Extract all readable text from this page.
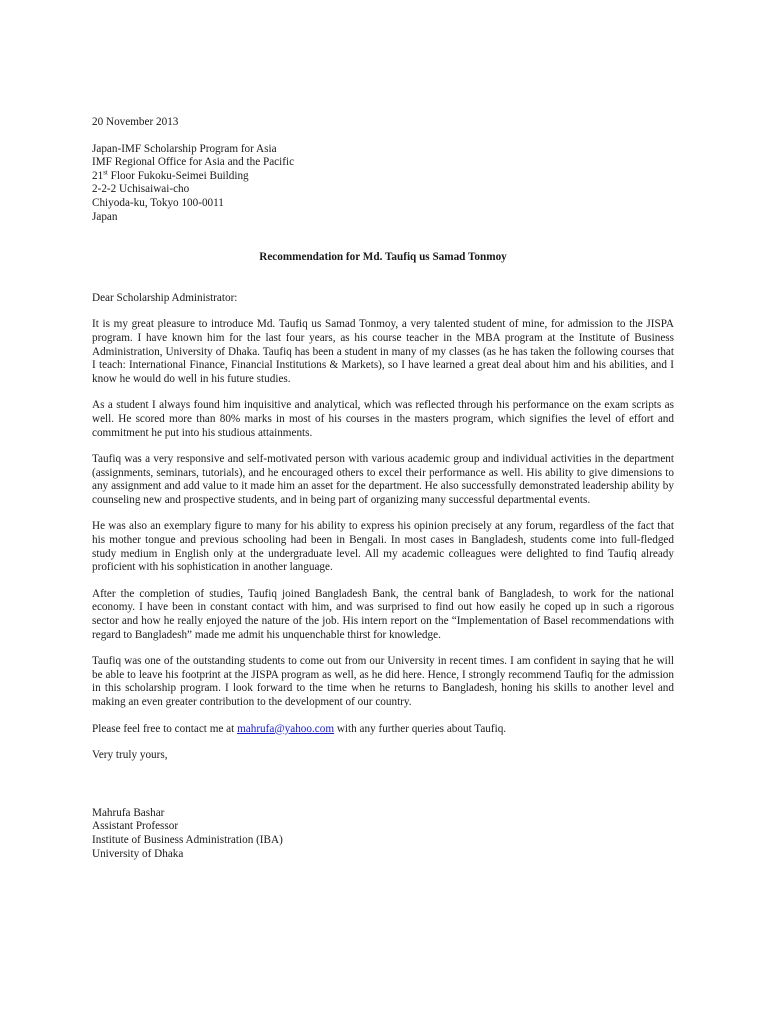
20 November 2013
Japan-IMF Scholarship Program for Asia
IMF Regional Office for Asia and the Pacific
21st Floor Fukoku-Seimei Building
2-2-2 Uchisaiwai-cho
Chiyoda-ku, Tokyo 100-0011
Japan
Recommendation for Md. Taufiq us Samad Tonmoy
Dear Scholarship Administrator:

It is my great pleasure to introduce Md. Taufiq us Samad Tonmoy, a very talented student of mine, for admission to the JISPA program. I have known him for the last four years, as his course teacher in the MBA program at the Institute of Business Administration, University of Dhaka. Taufiq has been a student in many of my classes (as he has taken the following courses that I teach: International Finance, Financial Institutions & Markets), so I have learned a great deal about him and his abilities, and I know he would do well in his future studies.

As a student I always found him inquisitive and analytical, which was reflected through his performance on the exam scripts as well. He scored more than 80% marks in most of his courses in the masters program, which signifies the level of effort and commitment he put into his studious attainments.

Taufiq was a very responsive and self-motivated person with various academic group and individual activities in the department (assignments, seminars, tutorials), and he encouraged others to excel their performance as well. His ability to give dimensions to any assignment and add value to it made him an asset for the department. He also successfully demonstrated leadership ability by counseling new and prospective students, and in being part of organizing many successful departmental events.

He was also an exemplary figure to many for his ability to express his opinion precisely at any forum, regardless of the fact that his mother tongue and previous schooling had been in Bengali. In most cases in Bangladesh, students come into full-fledged study medium in English only at the undergraduate level. All my academic colleagues were delighted to find Taufiq already proficient with his sophistication in another language.

After the completion of studies, Taufiq joined Bangladesh Bank, the central bank of Bangladesh, to work for the national economy. I have been in constant contact with him, and was surprised to find out how easily he coped up in such a rigorous sector and how he really enjoyed the nature of the job. His intern report on the “Implementation of Basel recommendations with regard to Bangladesh” made me admit his unquenchable thirst for knowledge.

Taufiq was one of the outstanding students to come out from our University in recent times. I am confident in saying that he will be able to leave his footprint at the JISPA program as well, as he did here. Hence, I strongly recommend Taufiq for the admission in this scholarship program. I look forward to the time when he returns to Bangladesh, honing his skills to another level and making an even greater contribution to the development of our country.

Please feel free to contact me at mahrufa@yahoo.com with any further queries about Taufiq.

Very truly yours,
Mahrufa Bashar
Assistant Professor
Institute of Business Administration (IBA)
University of Dhaka
